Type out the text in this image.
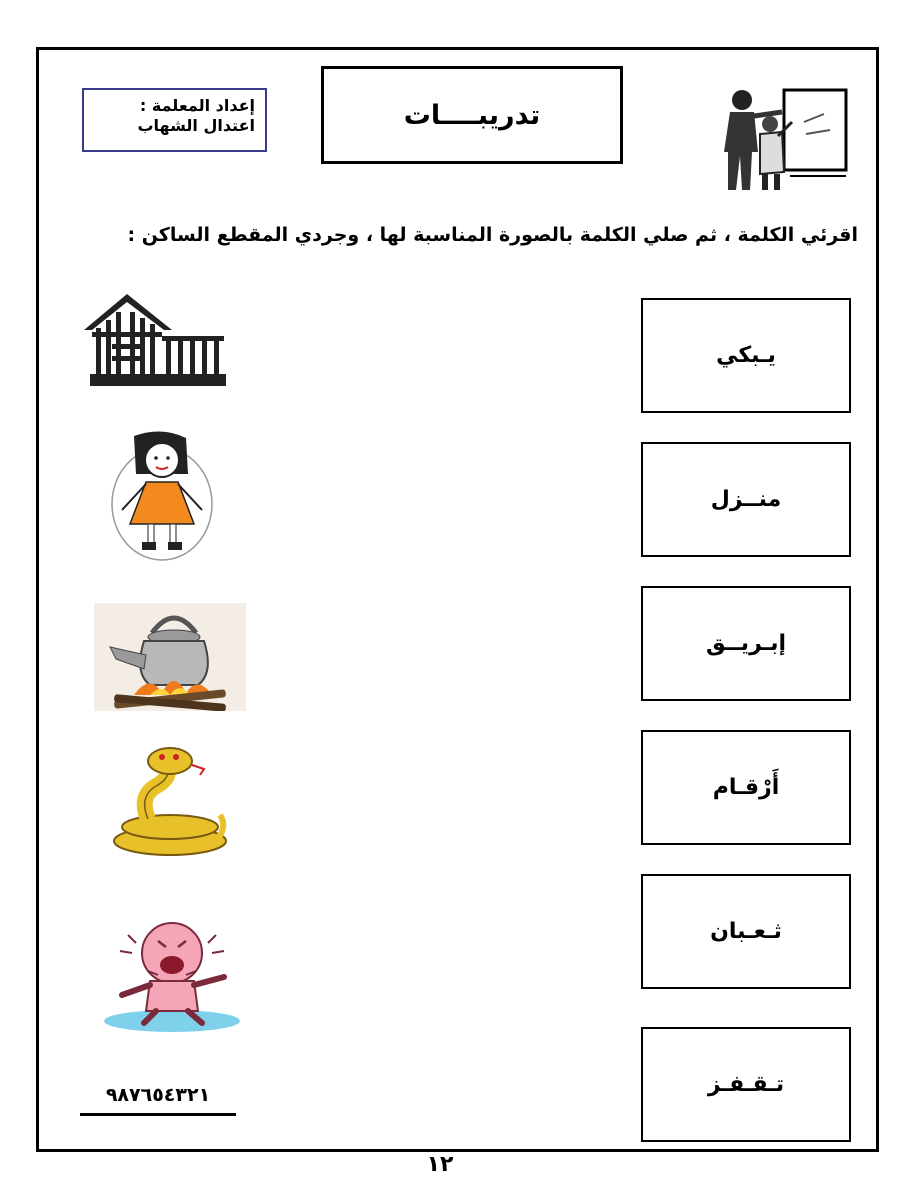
إعداد المعلمة :
اعتدال الشهاب	تدريبــــات
اقرئي الكلمة ، ثم صلي الكلمة بالصورة المناسبة لها ، وجردي المقطع الساكن :
يـبكي
منــزل
إبـريــق
أَرْقـام
ثـعـبان
تـقـفـز
٩٨٧٦٥٤٣٢١
١٢
